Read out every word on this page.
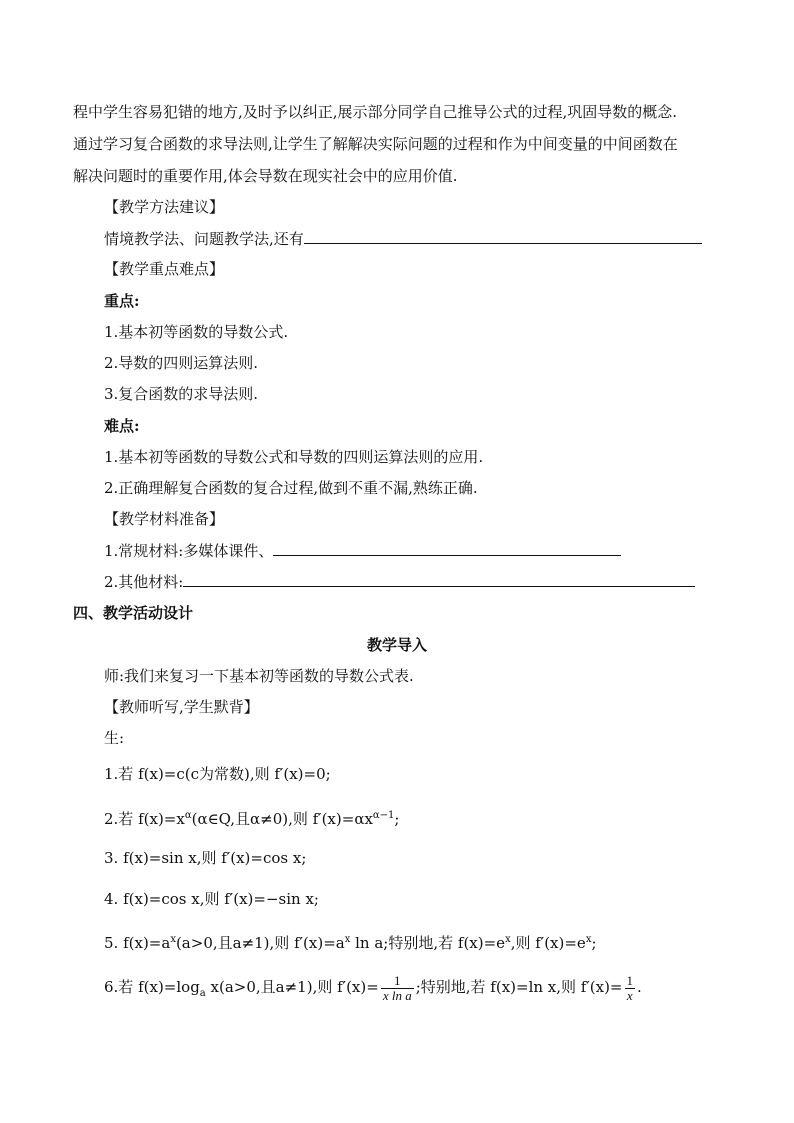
程中学生容易犯错的地方,及时予以纠正,展示部分同学自己推导公式的过程,巩固导数的概念.
通过学习复合函数的求导法则,让学生了解解决实际问题的过程和作为中间变量的中间函数在
解决问题时的重要作用,体会导数在现实社会中的应用价值.
【教学方法建议】
情境教学法、问题教学法,还有
【教学重点难点】
重点:
1.基本初等函数的导数公式.
2.导数的四则运算法则.
3.复合函数的求导法则.
难点:
1.基本初等函数的导数公式和导数的四则运算法则的应用.
2.正确理解复合函数的复合过程,做到不重不漏,熟练正确.
【教学材料准备】
1.常规材料:多媒体课件、
2.其他材料:
四、教学活动设计
教学导入
师:我们来复习一下基本初等函数的导数公式表.
【教师听写,学生默背】
生:
1.若 f(x)=c(c为常数),则 f′(x)=0;
2.若 $f(x)=x^\alpha(\alpha\in Q$,且α≠0),则 $f'(x)=\alpha x^{\alpha-1}$;
3. f(x)=sin x,则 f′(x)=cos x;
4. f(x)=cos x,则 f′(x)=−sin x;
5. $f(x)=a^x(a>0$,且a≠1),则 $f'(x)=a^x$ ln a;特别地,若 $f(x)=e^x$,则 $f'(x)=e^x$;
6.若 $f(x)=\log_a$ x(a>0,且a≠1),则 $f'(x)= \frac{1}{\text{x ln a}}$ ;特别地,若 f(x)=ln x,则 $f'(x)= \frac{1}{x}$ .
